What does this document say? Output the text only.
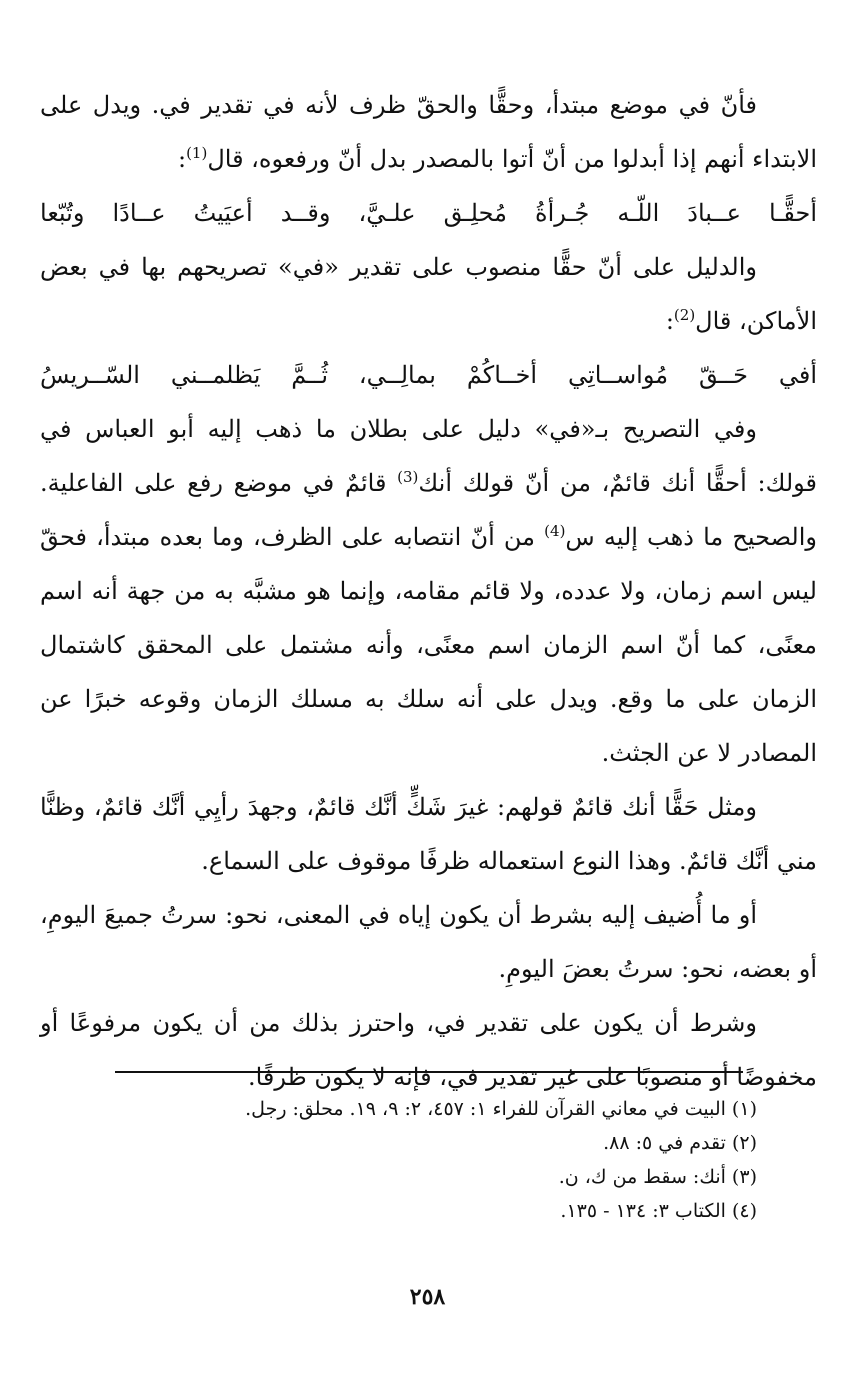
فأنّ في موضع مبتدأ، وحقًّا والحقّ ظرف لأنه في تقدير في. ويدل على الابتداء أنهم إذا أبدلوا من أنّ أتوا بالمصدر بدل أنّ ورفعوه، قال$^{(1)}$:

أحقًّـا عــبادَ اللّـه جُـرأةُ مُحلِـق علـيَّ، وقــد أعيَيتُ عــادًا وتُبّعا

والدليل على أنّ حقًّا منصوب على تقدير «في» تصريحهم بها في بعض الأماكن، قال$^{(2)}$:

أفي حَــقّ مُواســاتِي أخــاكُمْ بمالِــي، ثُــمَّ يَظلمــني السّــريسُ

وفي التصريح بـ«في» دليل على بطلان ما ذهب إليه أبو العباس في قولك: أحقًّا أنك قائمٌ، من أنّ قولك أنك$^{(3)}$ قائمٌ في موضع رفع على الفاعلية. والصحيح ما ذهب إليه س$^{(4)}$ من أنّ انتصابه على الظرف، وما بعده مبتدأ، فحقّ ليس اسم زمان، ولا عدده، ولا قائم مقامه، وإنما هو مشبَّه به من جهة أنه اسم معنًى، كما أنّ اسم الزمان اسم معنًى، وأنه مشتمل على المحقق كاشتمال الزمان على ما وقع. ويدل على أنه سلك به مسلك الزمان وقوعه خبرًا عن المصادر لا عن الجثث.

ومثل حَقًّا أنك قائمٌ قولهم: غيرَ شَكٍّ أنَّك قائمٌ، وجهدَ رأيِي أنَّك قائمٌ، وظنًّا مني أنَّك قائمٌ. وهذا النوع استعماله ظرفًا موقوف على السماع.

أو ما أُضيف إليه بشرط أن يكون إياه في المعنى، نحو: سرتُ جميعَ اليومِ، أو بعضه، نحو: سرتُ بعضَ اليومِ.

وشرط أن يكون على تقدير في، واحترز بذلك من أن يكون مرفوعًا أو مخفوضًا أو منصوبًا على غير تقدير في، فإنه لا يكون ظرفًا.

(١) البيت في معاني القرآن للفراء ١: ٤٥٧، ٢: ٩، ١٩. محلق: رجل.
(٢) تقدم في ٥: ٨٨.
(٣) أنك: سقط من ك، ن.
(٤) الكتاب ٣: ١٣٤ - ١٣٥.
٢٥٨
